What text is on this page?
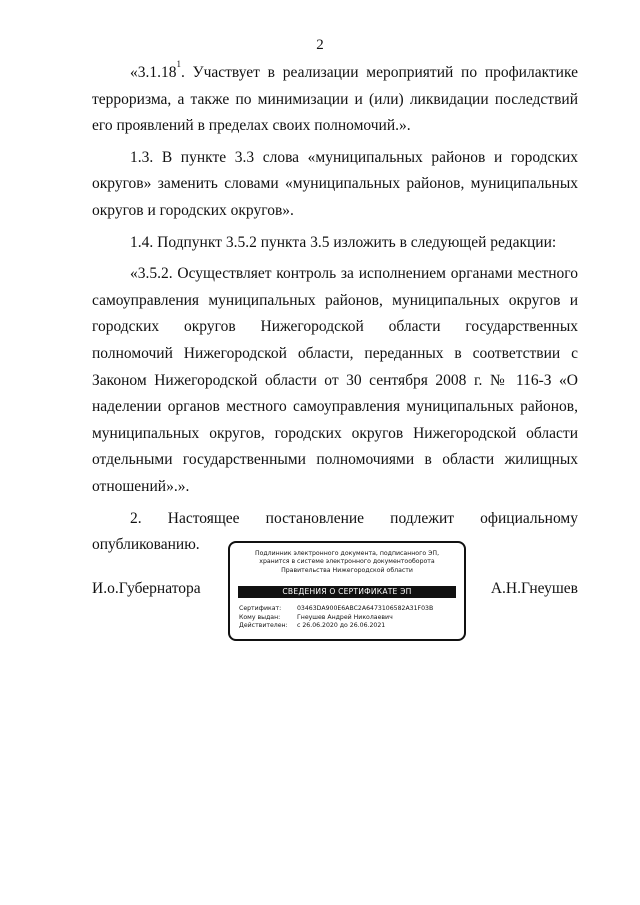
2

«3.1.18$^1$. Участвует в реализации мероприятий по профилактике терроризма, а также по минимизации и (или) ликвидации последствий его проявлений в пределах своих полномочий.».

1.3. В пункте 3.3 слова «муниципальных районов и городских округов» заменить словами «муниципальных районов, муниципальных округов и городских округов».

1.4. Подпункт 3.5.2 пункта 3.5 изложить в следующей редакции:

«3.5.2. Осуществляет контроль за исполнением органами местного самоуправления муниципальных районов, муниципальных округов и городских округов Нижегородской области государственных полномочий Нижегородской области, переданных в соответствии с Законом Нижегородской области от 30 сентября 2008 г. № 116-З «О наделении органов местного самоуправления муниципальных районов, муниципальных округов, городских округов Нижегородской области отдельными государственными полномочиями в области жилищных отношений».».

2. Настоящее постановление подлежит официальному опубликованию.

И.о.Губернатора
Подлинник электронного документа, подписанного ЭП,
хранится в системе электронного документооборота
Правительства Нижегородской области
СВЕДЕНИЯ О СЕРТИФИКАТЕ ЭП
Сертификат:	03463DA900E6ABC2A6473106582A31F03B
Кому выдан:	Гнеушев Андрей Николаевич
Действителен: с 26.06.2020 до 26.06.2021
А.Н.Гнеушев
